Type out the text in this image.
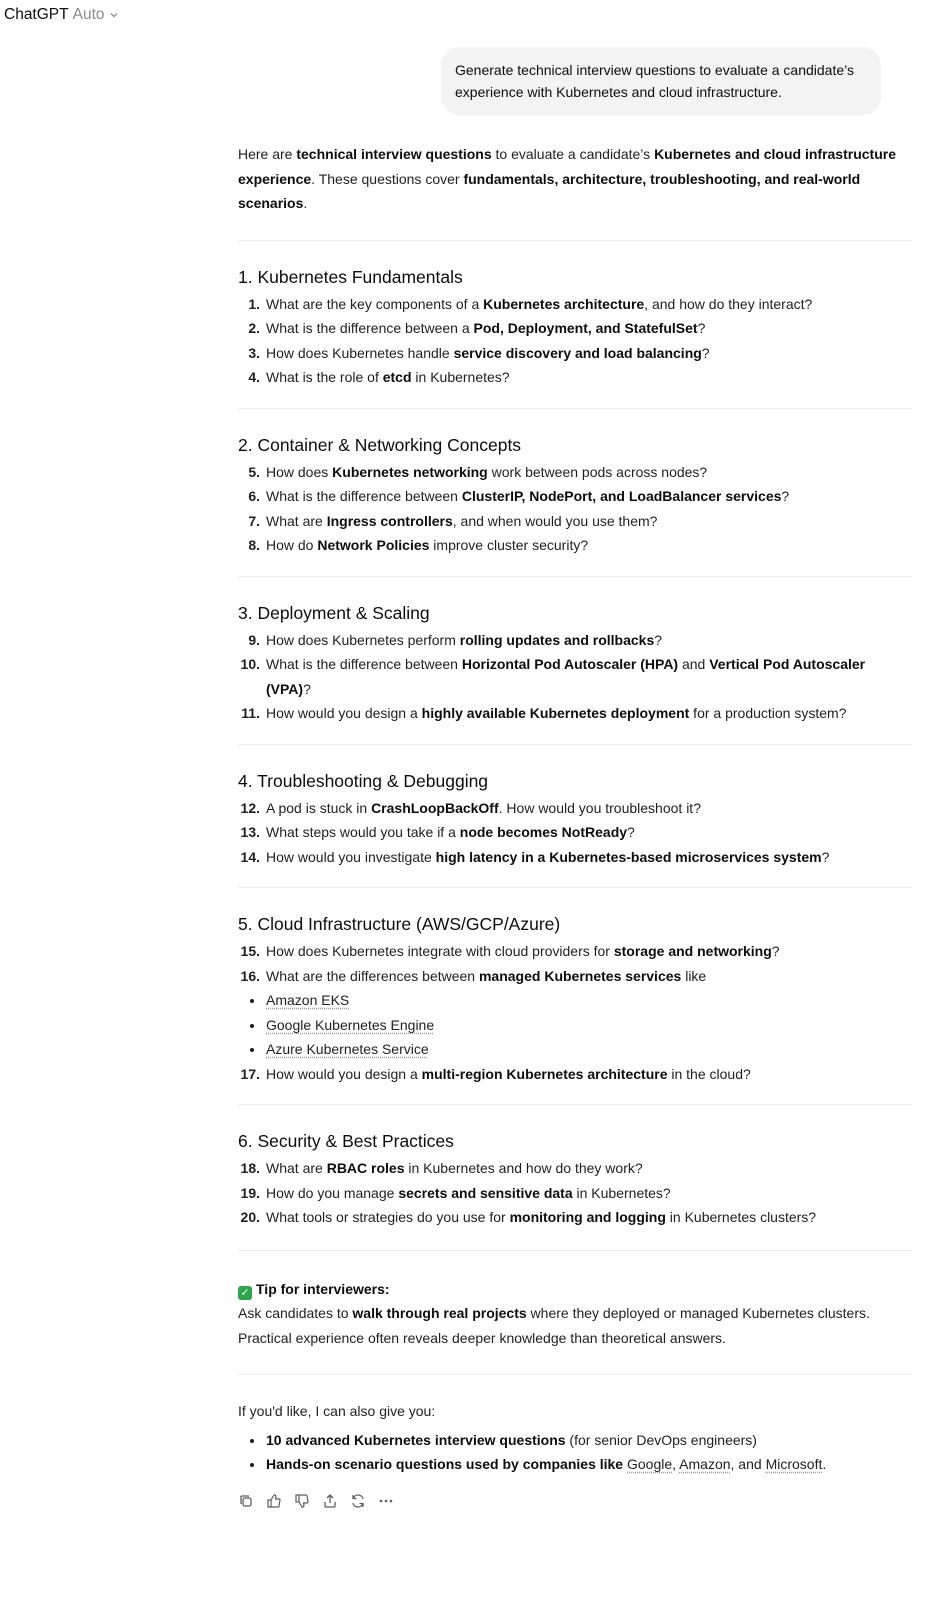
ChatGPT Auto
Generate technical interview questions to evaluate a candidate’s experience with Kubernetes and cloud infrastructure.

Here are technical interview questions to evaluate a candidate’s Kubernetes and cloud infrastructure experience. These questions cover fundamentals, architecture, troubleshooting, and real-world scenarios.

1. Kubernetes Fundamentals
1. What are the key components of a Kubernetes architecture, and how do they interact?
2. What is the difference between a Pod, Deployment, and StatefulSet?
3. How does Kubernetes handle service discovery and load balancing?
4. What is the role of etcd in Kubernetes?
2. Container & Networking Concepts
5. How does Kubernetes networking work between pods across nodes?
6. What is the difference between ClusterIP, NodePort, and LoadBalancer services?
7. What are Ingress controllers, and when would you use them?
8. How do Network Policies improve cluster security?
3. Deployment & Scaling
9. How does Kubernetes perform rolling updates and rollbacks?
10. What is the difference between Horizontal Pod Autoscaler (HPA) and Vertical Pod Autoscaler (VPA)?
11. How would you design a highly available Kubernetes deployment for a production system?
4. Troubleshooting & Debugging
12. A pod is stuck in CrashLoopBackOff. How would you troubleshoot it?
13. What steps would you take if a node becomes NotReady?
14. How would you investigate high latency in a Kubernetes-based microservices system?
5. Cloud Infrastructure (AWS/GCP/Azure)
15. How does Kubernetes integrate with cloud providers for storage and networking?
16. What are the differences between managed Kubernetes services like
Amazon EKS
Google Kubernetes Engine
Azure Kubernetes Service
17. How would you design a multi-region Kubernetes architecture in the cloud?
6. Security & Best Practices
18. What are RBAC roles in Kubernetes and how do they work?
19. How do you manage secrets and sensitive data in Kubernetes?
20. What tools or strategies do you use for monitoring and logging in Kubernetes clusters?
✓ Tip for interviewers:

Ask candidates to walk through real projects where they deployed or managed Kubernetes clusters. Practical experience often reveals deeper knowledge than theoretical answers.

If you'd like, I can also give you:

10 advanced Kubernetes interview questions (for senior DevOps engineers)
Hands-on scenario questions used by companies like Google, Amazon, and Microsoft.
